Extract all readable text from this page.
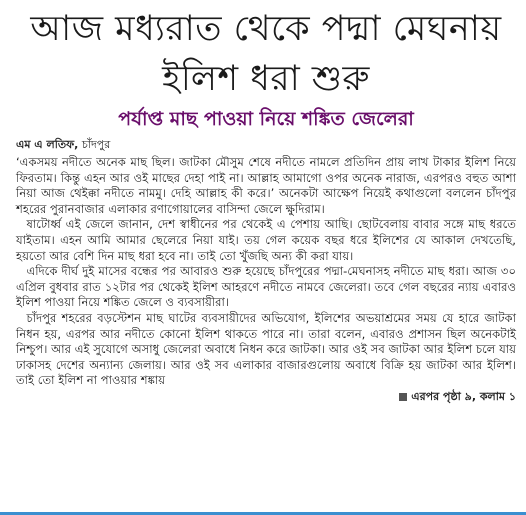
আজ মধ্যরাত থেকে পদ্মা মেঘনায় ইলিশ ধরা শুরু
পর্যাপ্ত মাছ পাওয়া নিয়ে শঙ্কিত জেলেরা
এম এ লতিফ, চাঁদপুর

‘একসময় নদীতে অনেক মাছ ছিল। জাটকা মৌসুম শেষে নদীতে নামলে প্রতিদিন প্রায় লাখ টাকার ইলিশ নিয়ে ফিরতাম। কিন্তু এহন আর ওই মাছের দেহা পাই না। আল্লাহ আমাগো ওপর অনেক নারাজ, এরপরও বহুত আশা নিয়া আজ থেইক্কা নদীতে নামমু। দেহি আল্লাহ কী করে।’ অনেকটা আক্ষেপ নিয়েই কথাগুলো বললেন চাঁদপুর শহরের পুরানবাজার এলাকার রণাগোয়ালের বাসিন্দা জেলে ক্ষুদিরাম।

ষাটোর্ধ্ব এই জেলে জানান, দেশ স্বাধীনের পর থেকেই এ পেশায় আছি। ছোটবেলায় বাবার সঙ্গে মাছ ধরতে যাইতাম। এহন আমি আমার ছেলেরে নিয়া যাই। তয় গেল কয়েক বছর ধরে ইলিশের যে আকাল দেখতেছি, হয়তো আর বেশি দিন মাছ ধরা হবে না। তাই তো খুঁজছি অন্য কী করা যায়।

এদিকে দীর্ঘ দুই মাসের বন্ধের পর আবারও শুরু হয়েছে চাঁদপুরের পদ্মা-মেঘনাসহ নদীতে মাছ ধরা। আজ ৩০ এপ্রিল বুধবার রাত ১২টার পর থেকেই ইলিশ আহরণে নদীতে নামবে জেলেরা। তবে গেল বছরের ন্যায় এবারও ইলিশ পাওয়া নিয়ে শঙ্কিত জেলে ও ব্যবসায়ীরা।

চাঁদপুর শহরের বড়স্টেশন মাছ ঘাটের ব্যবসায়ীদের অভিযোগ, ইলিশের অভয়াশ্রমের সময় যে হারে জাটকা নিধন হয়, এরপর আর নদীতে কোনো ইলিশ থাকতে পারে না। তারা বলেন, এবারও প্রশাসন ছিল অনেকটাই নিশ্চুপ। আর এই সুযোগে অসাধু জেলেরা অবাধে নিধন করে জাটকা। আর ওই সব জাটকা আর ইলিশ চলে যায় ঢাকাসহ দেশের অন্যান্য জেলায়। আর ওই সব এলাকার বাজারগুলোয় অবাধে বিক্রি হয় জাটকা আর ইলিশ। তাই তো ইলিশ না পাওয়ার শঙ্কায়

এরপর পৃষ্ঠা ৯, কলাম ১
